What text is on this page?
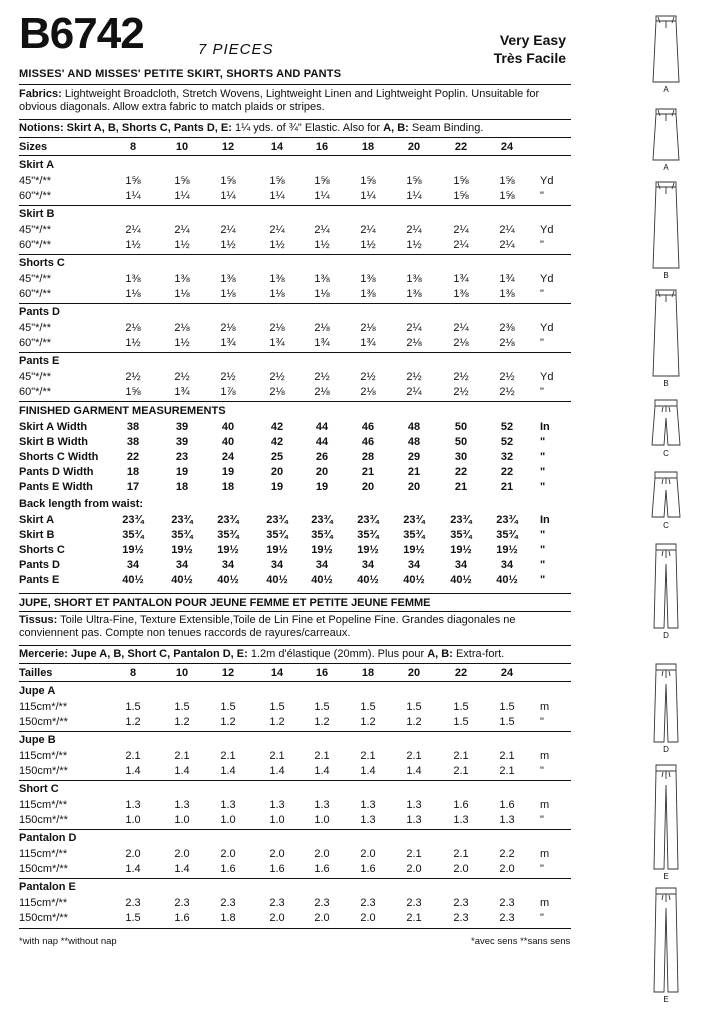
B6742	7 PIECES
Very Easy
Très Facile
MISSES' AND MISSES' PETITE SKIRT, SHORTS AND PANTS
Fabrics: Lightweight Broadcloth, Stretch Wovens, Lightweight Linen and Lightweight Poplin. Unsuitable for obvious diagonals. Allow extra fabric to match plaids or stripes.
Notions: Skirt A, B, Shorts C, Pants D, E: 1¼ yds. of ¾" Elastic. Also for A, B: Seam Binding.
Sizes	8	10	12	14	16	18	20	22	24
Skirt A
45"*/**	1⅝	1⅝	1⅝	1⅝	1⅝	1⅝	1⅝	1⅝	1⅝	Yd
60"*/**	1¼	1¼	1¼	1¼	1¼	1¼	1¼	1⅝	1⅝	"
Skirt B
45"*/**	2¼	2¼	2¼	2¼	2¼	2¼	2¼	2¼	2¼	Yd
60"*/**	1½	1½	1½	1½	1½	1½	1½	2¼	2¼	"
Shorts C
45"*/**	1⅜	1⅜	1⅜	1⅜	1⅜	1⅜	1⅜	1¾	1¾	Yd
60"*/**	1⅛	1⅛	1⅛	1⅛	1⅛	1⅜	1⅜	1⅜	1⅜	"
Pants D
45"*/**	2⅛	2⅛	2⅛	2⅛	2⅛	2⅛	2¼	2¼	2⅜	Yd
60"*/**	1½	1½	1¾	1¾	1¾	1¾	2⅛	2⅛	2⅛	"
Pants E
45"*/**	2½	2½	2½	2½	2½	2½	2½	2½	2½	Yd
60"*/**	1⅝	1¾	1⅞	2⅛	2⅛	2⅛	2¼	2½	2½	"
FINISHED GARMENT MEASUREMENTS
Skirt A Width	38	39	40	42	44	46	48	50	52	In
Skirt B Width	38	39	40	42	44	46	48	50	52	"
Shorts C Width	22	23	24	25	26	28	29	30	32	"
Pants D Width	18	19	19	20	20	21	21	22	22	"
Pants E Width	17	18	18	19	19	20	20	21	21	"
Back length from waist:
Skirt A	23¾	23¾	23¾	23¾	23¾	23¾	23¾	23¾	23¾	In
Skirt B	35¾	35¾	35¾	35¾	35¾	35¾	35¾	35¾	35¾	"
Shorts C	19½	19½	19½	19½	19½	19½	19½	19½	19½	"
Pants D	34	34	34	34	34	34	34	34	34	"
Pants E	40½	40½	40½	40½	40½	40½	40½	40½	40½	"
JUPE, SHORT ET PANTALON POUR JEUNE FEMME ET PETITE JEUNE FEMME
Tissus: Toile Ultra-Fine, Texture Extensible,Toile de Lin Fine et Popeline Fine. Grandes diagonales ne conviennent pas. Compte non tenues raccords de rayures/carreaux.
Mercerie: Jupe A, B, Short C, Pantalon D, E: 1.2m d'élastique (20mm). Plus pour A, B: Extra-fort.
Tailles	8	10	12	14	16	18	20	22	24
Jupe A
115cm*/**	1.5	1.5	1.5	1.5	1.5	1.5	1.5	1.5	1.5	m
150cm*/**	1.2	1.2	1.2	1.2	1.2	1.2	1.2	1.5	1.5	"
Jupe B
115cm*/**	2.1	2.1	2.1	2.1	2.1	2.1	2.1	2.1	2.1	m
150cm*/**	1.4	1.4	1.4	1.4	1.4	1.4	1.4	2.1	2.1	"
Short C
115cm*/**	1.3	1.3	1.3	1.3	1.3	1.3	1.3	1.6	1.6	m
150cm*/**	1.0	1.0	1.0	1.0	1.0	1.3	1.3	1.3	1.3	"
Pantalon D
115cm*/**	2.0	2.0	2.0	2.0	2.0	2.0	2.1	2.1	2.2	m
150cm*/**	1.4	1.4	1.6	1.6	1.6	1.6	2.0	2.0	2.0	"
Pantalon E
115cm*/**	2.3	2.3	2.3	2.3	2.3	2.3	2.3	2.3	2.3	m
150cm*/**	1.5	1.6	1.8	2.0	2.0	2.0	2.1	2.3	2.3	"
*with nap **without nap	*avec sens **sans sens
A
A
B
B
C
C
D
D
E
E
